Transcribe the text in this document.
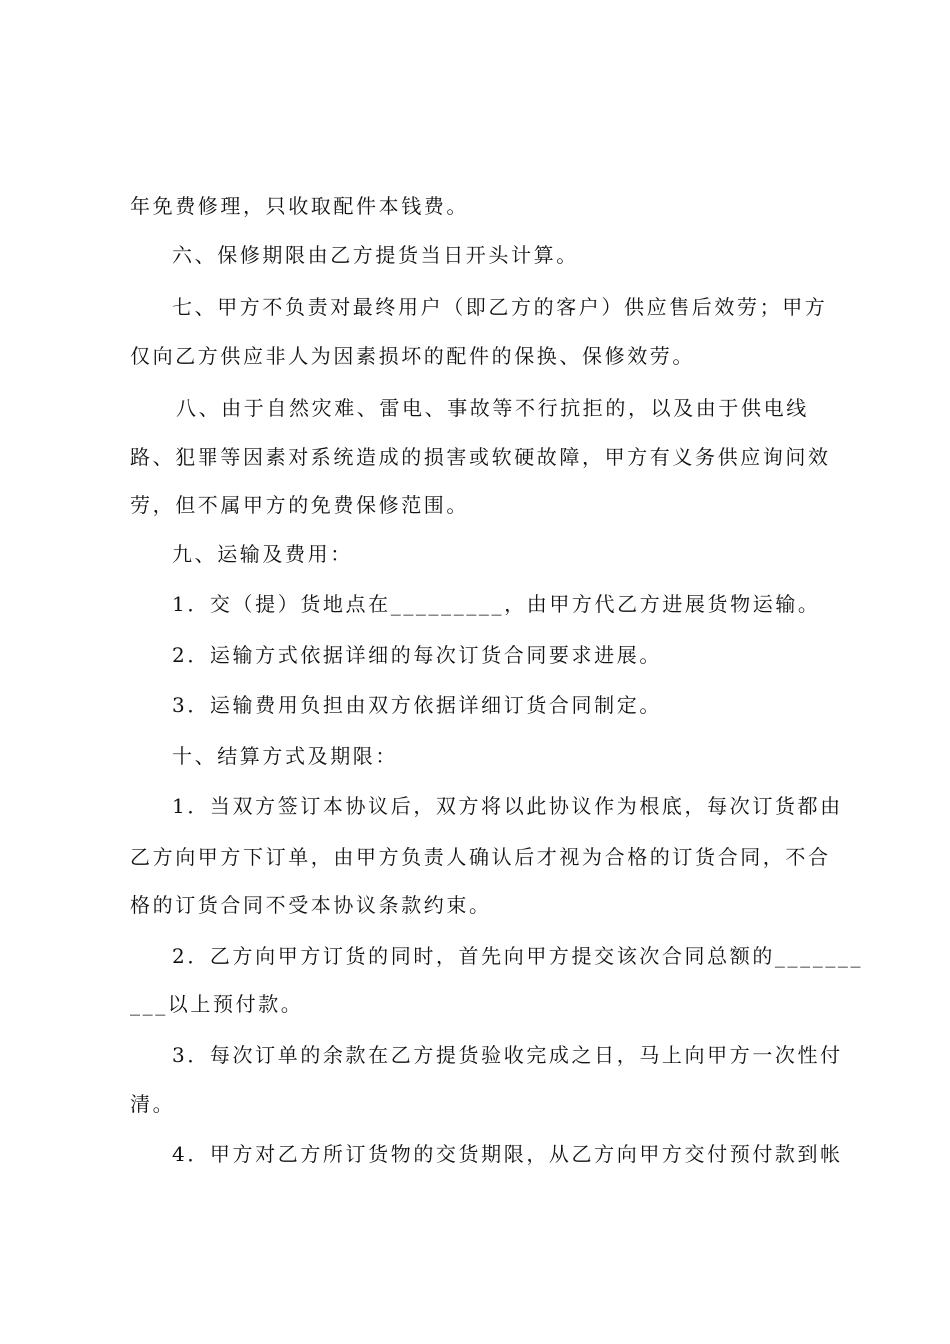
年免费修理，只收取配件本钱费。
六、保修期限由乙方提货当日开头计算。
七、甲方不负责对最终用户（即乙方的客户）供应售后效劳；甲方
仅向乙方供应非人为因素损坏的配件的保换、保修效劳。
八、由于自然灾难、雷电、事故等不行抗拒的，以及由于供电线
路、犯罪等因素对系统造成的损害或软硬故障，甲方有义务供应询问效
劳，但不属甲方的免费保修范围。
九、运输及费用：
1．交（提）货地点在_________，由甲方代乙方进展货物运输。
2．运输方式依据详细的每次订货合同要求进展。
3．运输费用负担由双方依据详细订货合同制定。
十、结算方式及期限：
1．当双方签订本协议后，双方将以此协议作为根底，每次订货都由
乙方向甲方下订单，由甲方负责人确认后才视为合格的订货合同，不合
格的订货合同不受本协议条款约束。
2．乙方向甲方订货的同时，首先向甲方提交该次合同总额的_______
___以上预付款。
3．每次订单的余款在乙方提货验收完成之日，马上向甲方一次性付
清。
4．甲方对乙方所订货物的交货期限，从乙方向甲方交付预付款到帐
